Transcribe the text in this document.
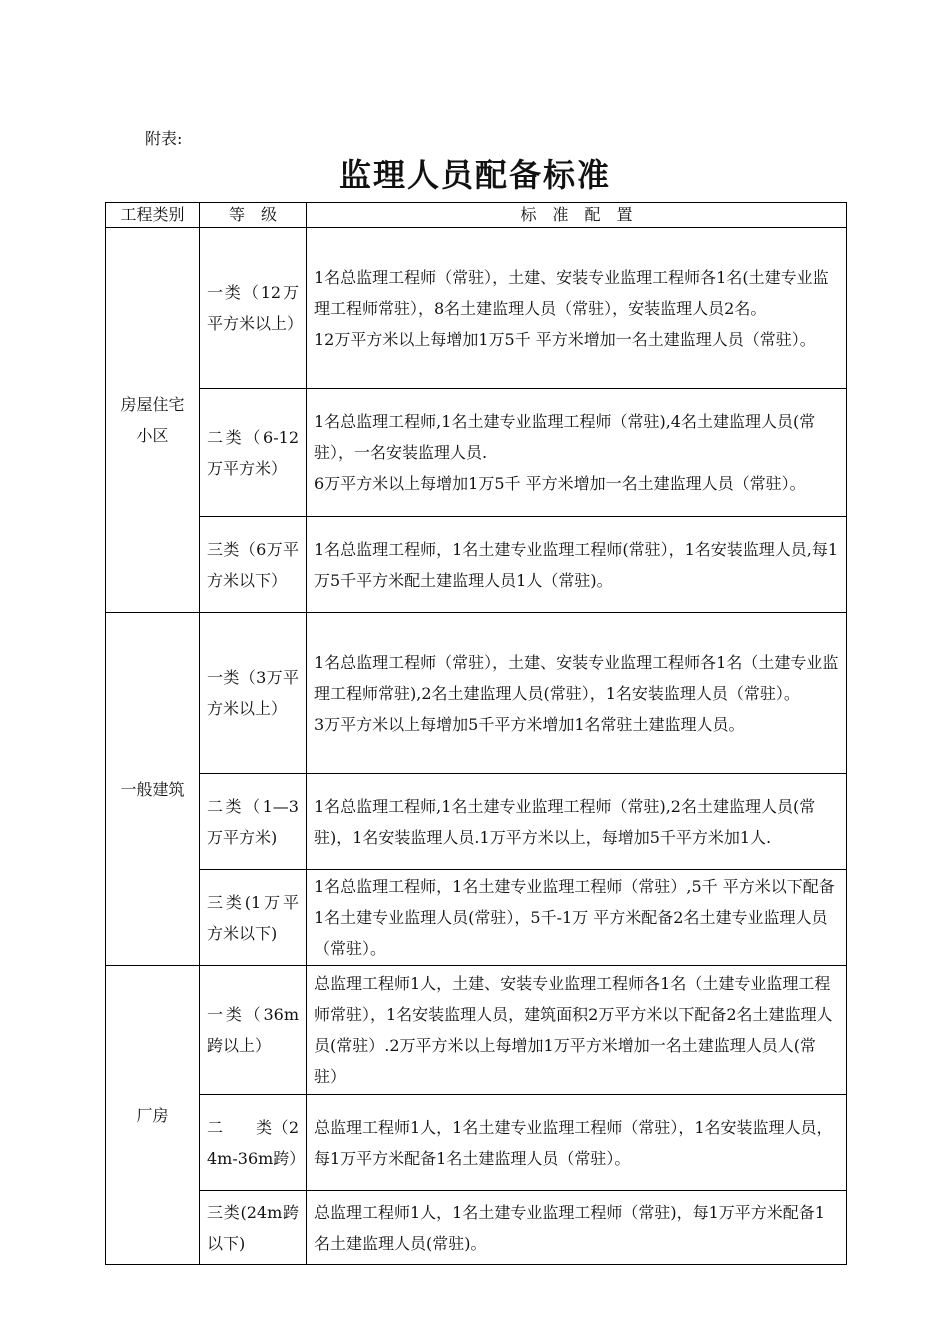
附表:
监理人员配备标准
工程类别	等　级	标　准　配　置
房屋住宅小区	一类（12万平方米以上）	1名总监理工程师（常驻），土建、安装专业监理工程师各1名(土建专业监理工程师常驻），8名土建监理人员（常驻），安装监理人员2名。

12万平方米以上每增加1万5千 平方米增加一名土建监理人员（常驻）。

	二类（6-12万平方米）	1名总监理工程师,1名土建专业监理工程师（常驻),4名土建监理人员(常驻），一名安装监理人员.

6万平方米以上每增加1万5千 平方米增加一名土建监理人员（常驻）。

	三类（6万平方米以下）	1名总监理工程师，1名土建专业监理工程师(常驻），1名安装监理人员,每1万5千平方米配土建监理人员1人（常驻)。

一般建筑	一类（3万平方米以上）	1名总监理工程师（常驻），土建、安装专业监理工程师各1名（土建专业监理工程师常驻),2名土建监理人员(常驻），1名安装监理人员（常驻）。

3万平方米以上每增加5千平方米增加1名常驻土建监理人员。

	二类（1—3万平方米)	1名总监理工程师,1名土建专业监理工程师（常驻),2名土建监理人员(常驻)，1名安装监理人员.1万平方米以上，每增加5千平方米加1人.

	三类(1万平方米以下)	1名总监理工程师，1名土建专业监理工程师（常驻）,5千 平方米以下配备1名土建专业监理人员(常驻），5千-1万 平方米配备2名土建专业监理人员（常驻）。

厂房	一类（36m跨以上）	总监理工程师1人，土建、安装专业监理工程师各1名（土建专业监理工程师常驻），1名安装监理人员，建筑面积2万平方米以下配备2名土建监理人员(常驻）.2万平方米以上每增加1万平方米增加一名土建监理人员人(常驻）

	二　　类（24m-36m跨）	总监理工程师1人，1名土建专业监理工程师（常驻），1名安装监理人员，每1万平方米配备1名土建监理人员（常驻）。

	三类(24m跨以下)	总监理工程师1人，1名土建专业监理工程师（常驻)，每1万平方米配备1名土建监理人员(常驻)。
